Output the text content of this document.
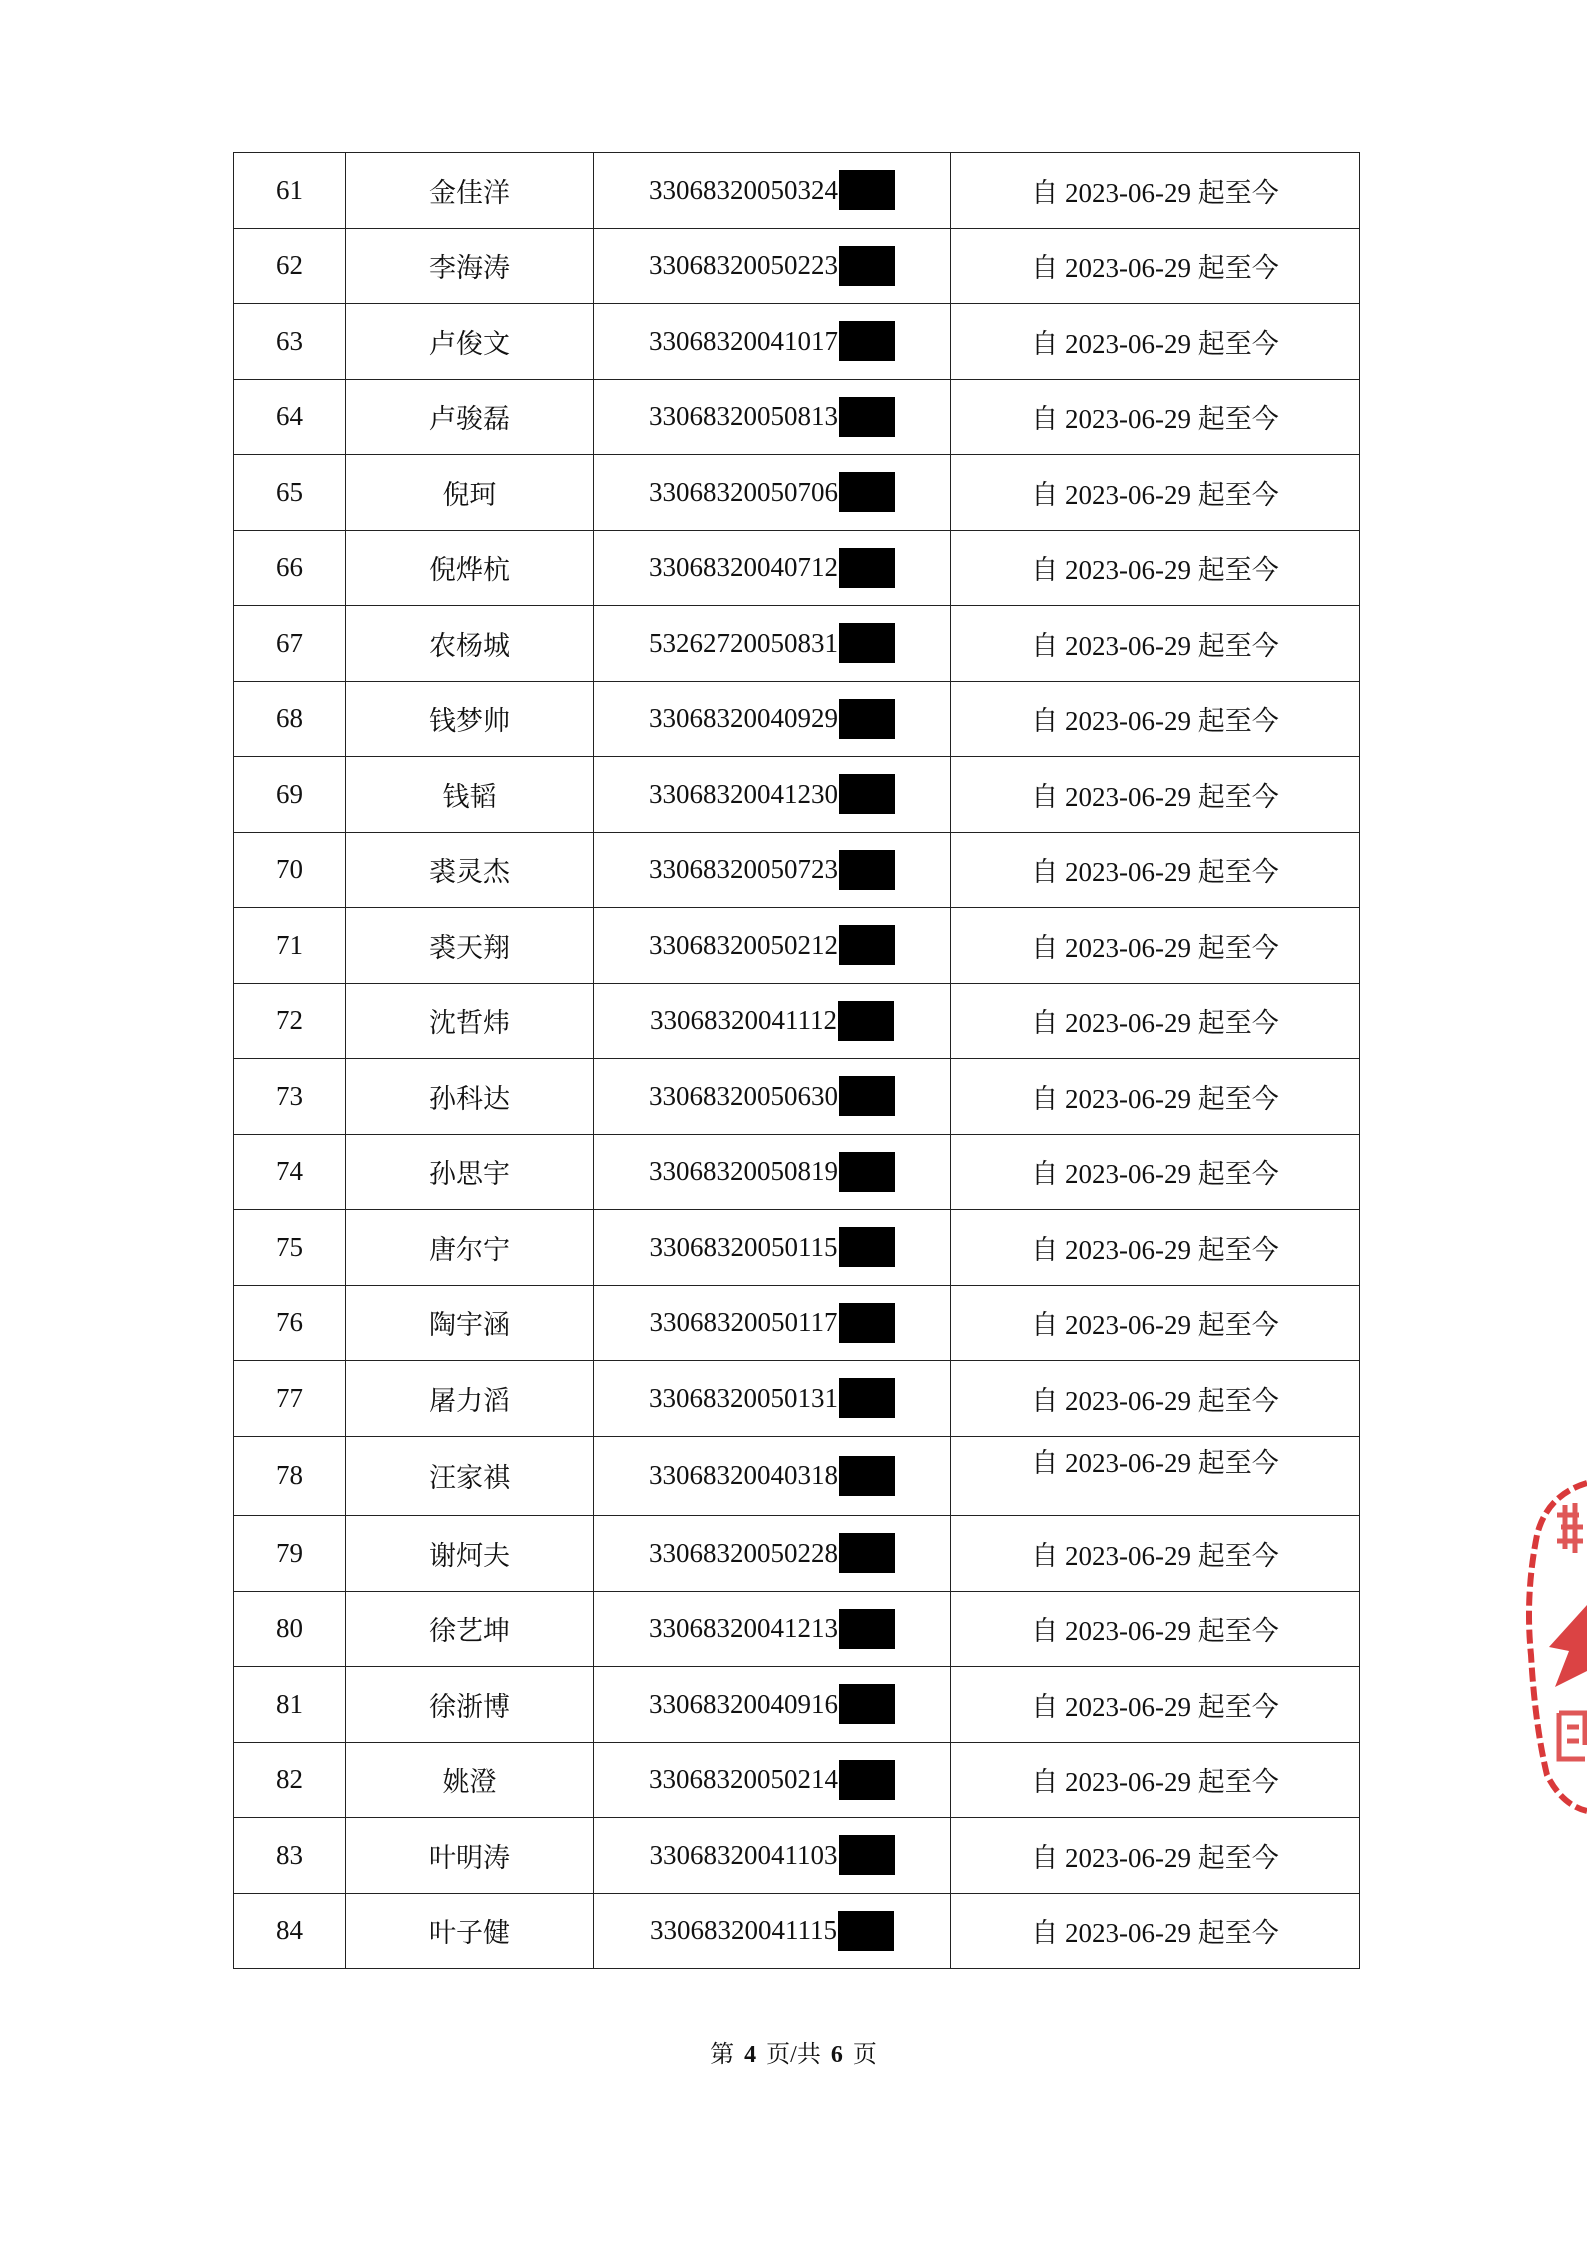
61	金佳洋	33068320050324	自 2023-06-29 起至今
62	李海涛	33068320050223	自 2023-06-29 起至今
63	卢俊文	33068320041017	自 2023-06-29 起至今
64	卢骏磊	33068320050813	自 2023-06-29 起至今
65	倪珂	33068320050706	自 2023-06-29 起至今
66	倪烨杭	33068320040712	自 2023-06-29 起至今
67	农杨城	53262720050831	自 2023-06-29 起至今
68	钱梦帅	33068320040929	自 2023-06-29 起至今
69	钱韬	33068320041230	自 2023-06-29 起至今
70	裘灵杰	33068320050723	自 2023-06-29 起至今
71	裘天翔	33068320050212	自 2023-06-29 起至今
72	沈哲炜	33068320041112	自 2023-06-29 起至今
73	孙科达	33068320050630	自 2023-06-29 起至今
74	孙思宇	33068320050819	自 2023-06-29 起至今
75	唐尔宁	33068320050115	自 2023-06-29 起至今
76	陶宇涵	33068320050117	自 2023-06-29 起至今
77	屠力滔	33068320050131	自 2023-06-29 起至今
78	汪家祺	33068320040318	自 2023-06-29 起至今
79	谢炣夫	33068320050228	自 2023-06-29 起至今
80	徐艺坤	33068320041213	自 2023-06-29 起至今
81	徐浙博	33068320040916	自 2023-06-29 起至今
82	姚澄	33068320050214	自 2023-06-29 起至今
83	叶明涛	33068320041103	自 2023-06-29 起至今
84	叶子健	33068320041115	自 2023-06-29 起至今
第 4 页/共 6 页
